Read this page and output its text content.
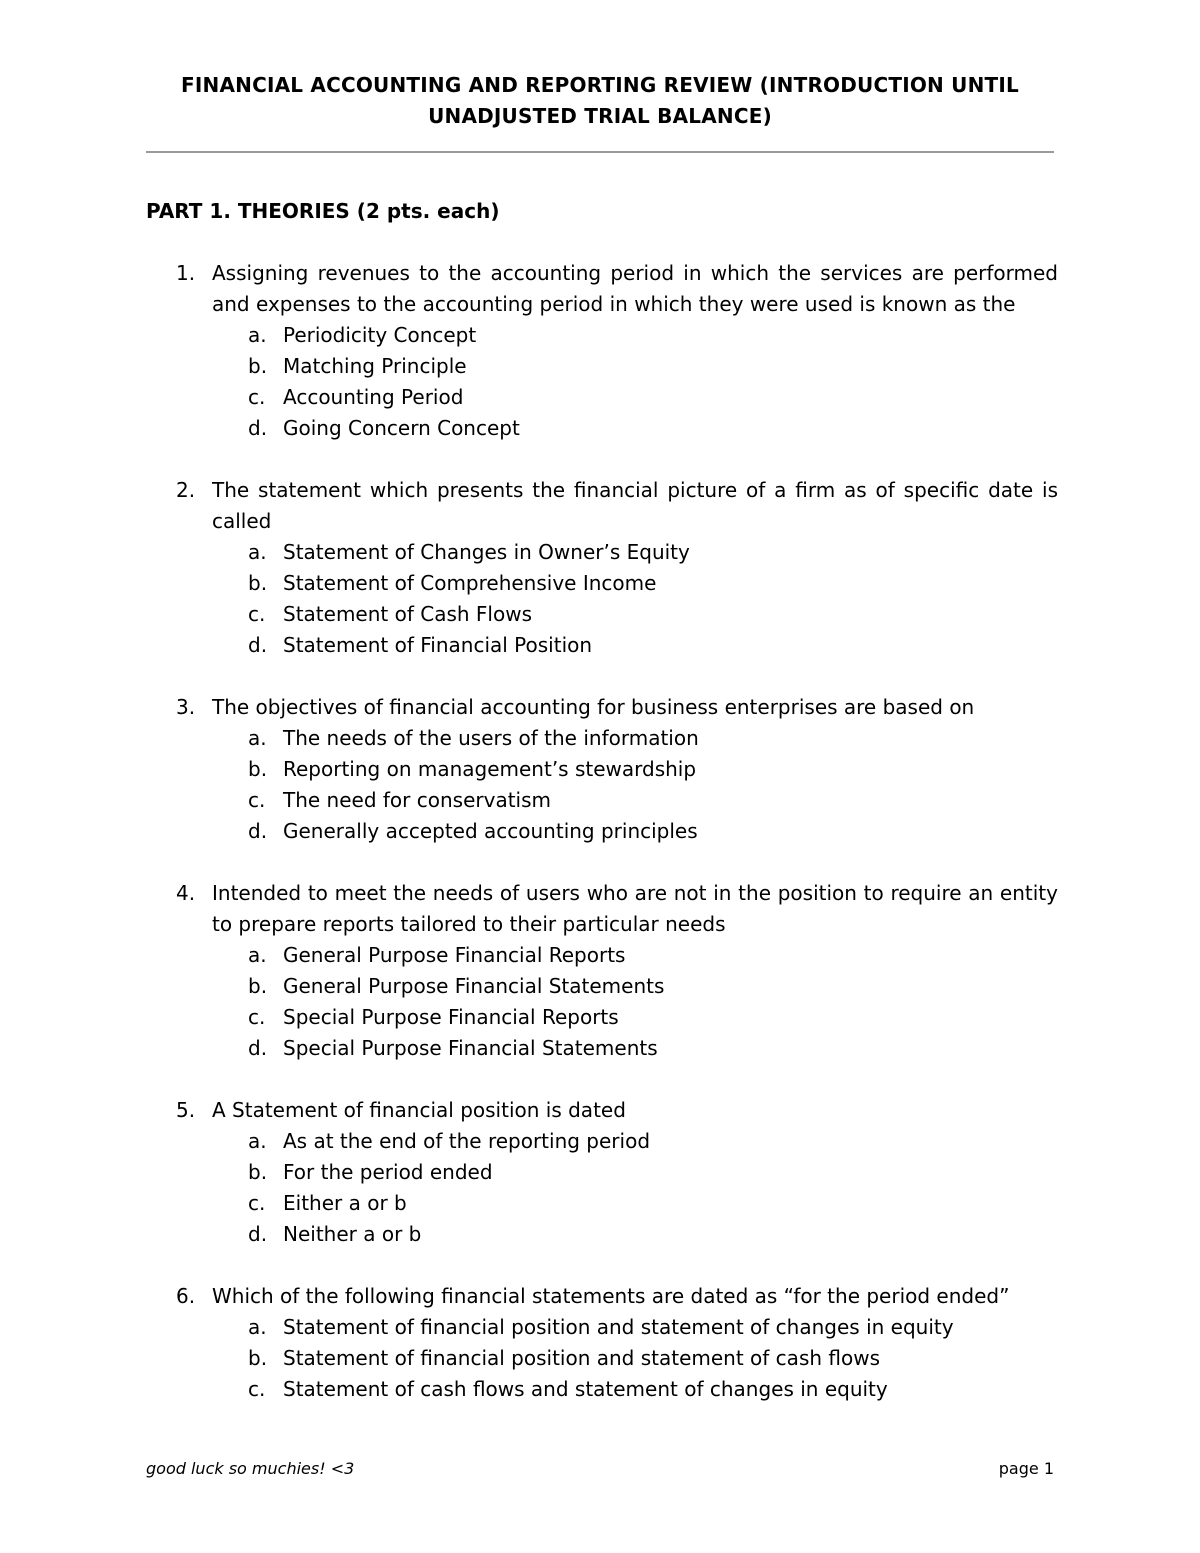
FINANCIAL ACCOUNTING AND REPORTING REVIEW (INTRODUCTION UNTIL
UNADJUSTED TRIAL BALANCE)
PART 1. THEORIES (2 pts. each)
1. Assigning revenues to the accounting period in which the services are performed and expenses to the accounting period in which they were used is known as the
a. Periodicity Concept
b. Matching Principle
c. Accounting Period
d. Going Concern Concept
2. The statement which presents the financial picture of a firm as of specific date is called
a. Statement of Changes in Owner’s Equity
b. Statement of Comprehensive Income
c. Statement of Cash Flows
d. Statement of Financial Position
3. The objectives of financial accounting for business enterprises are based on
a. The needs of the users of the information
b. Reporting on management’s stewardship
c. The need for conservatism
d. Generally accepted accounting principles
4. Intended to meet the needs of users who are not in the position to require an entity to prepare reports tailored to their particular needs
a. General Purpose Financial Reports
b. General Purpose Financial Statements
c. Special Purpose Financial Reports
d. Special Purpose Financial Statements
5. A Statement of financial position is dated
a. As at the end of the reporting period
b. For the period ended
c. Either a or b
d. Neither a or b
6. Which of the following financial statements are dated as “for the period ended”
a. Statement of financial position and statement of changes in equity
b. Statement of financial position and statement of cash flows
c. Statement of cash flows and statement of changes in equity
good luck so muchies! <3	page 1
